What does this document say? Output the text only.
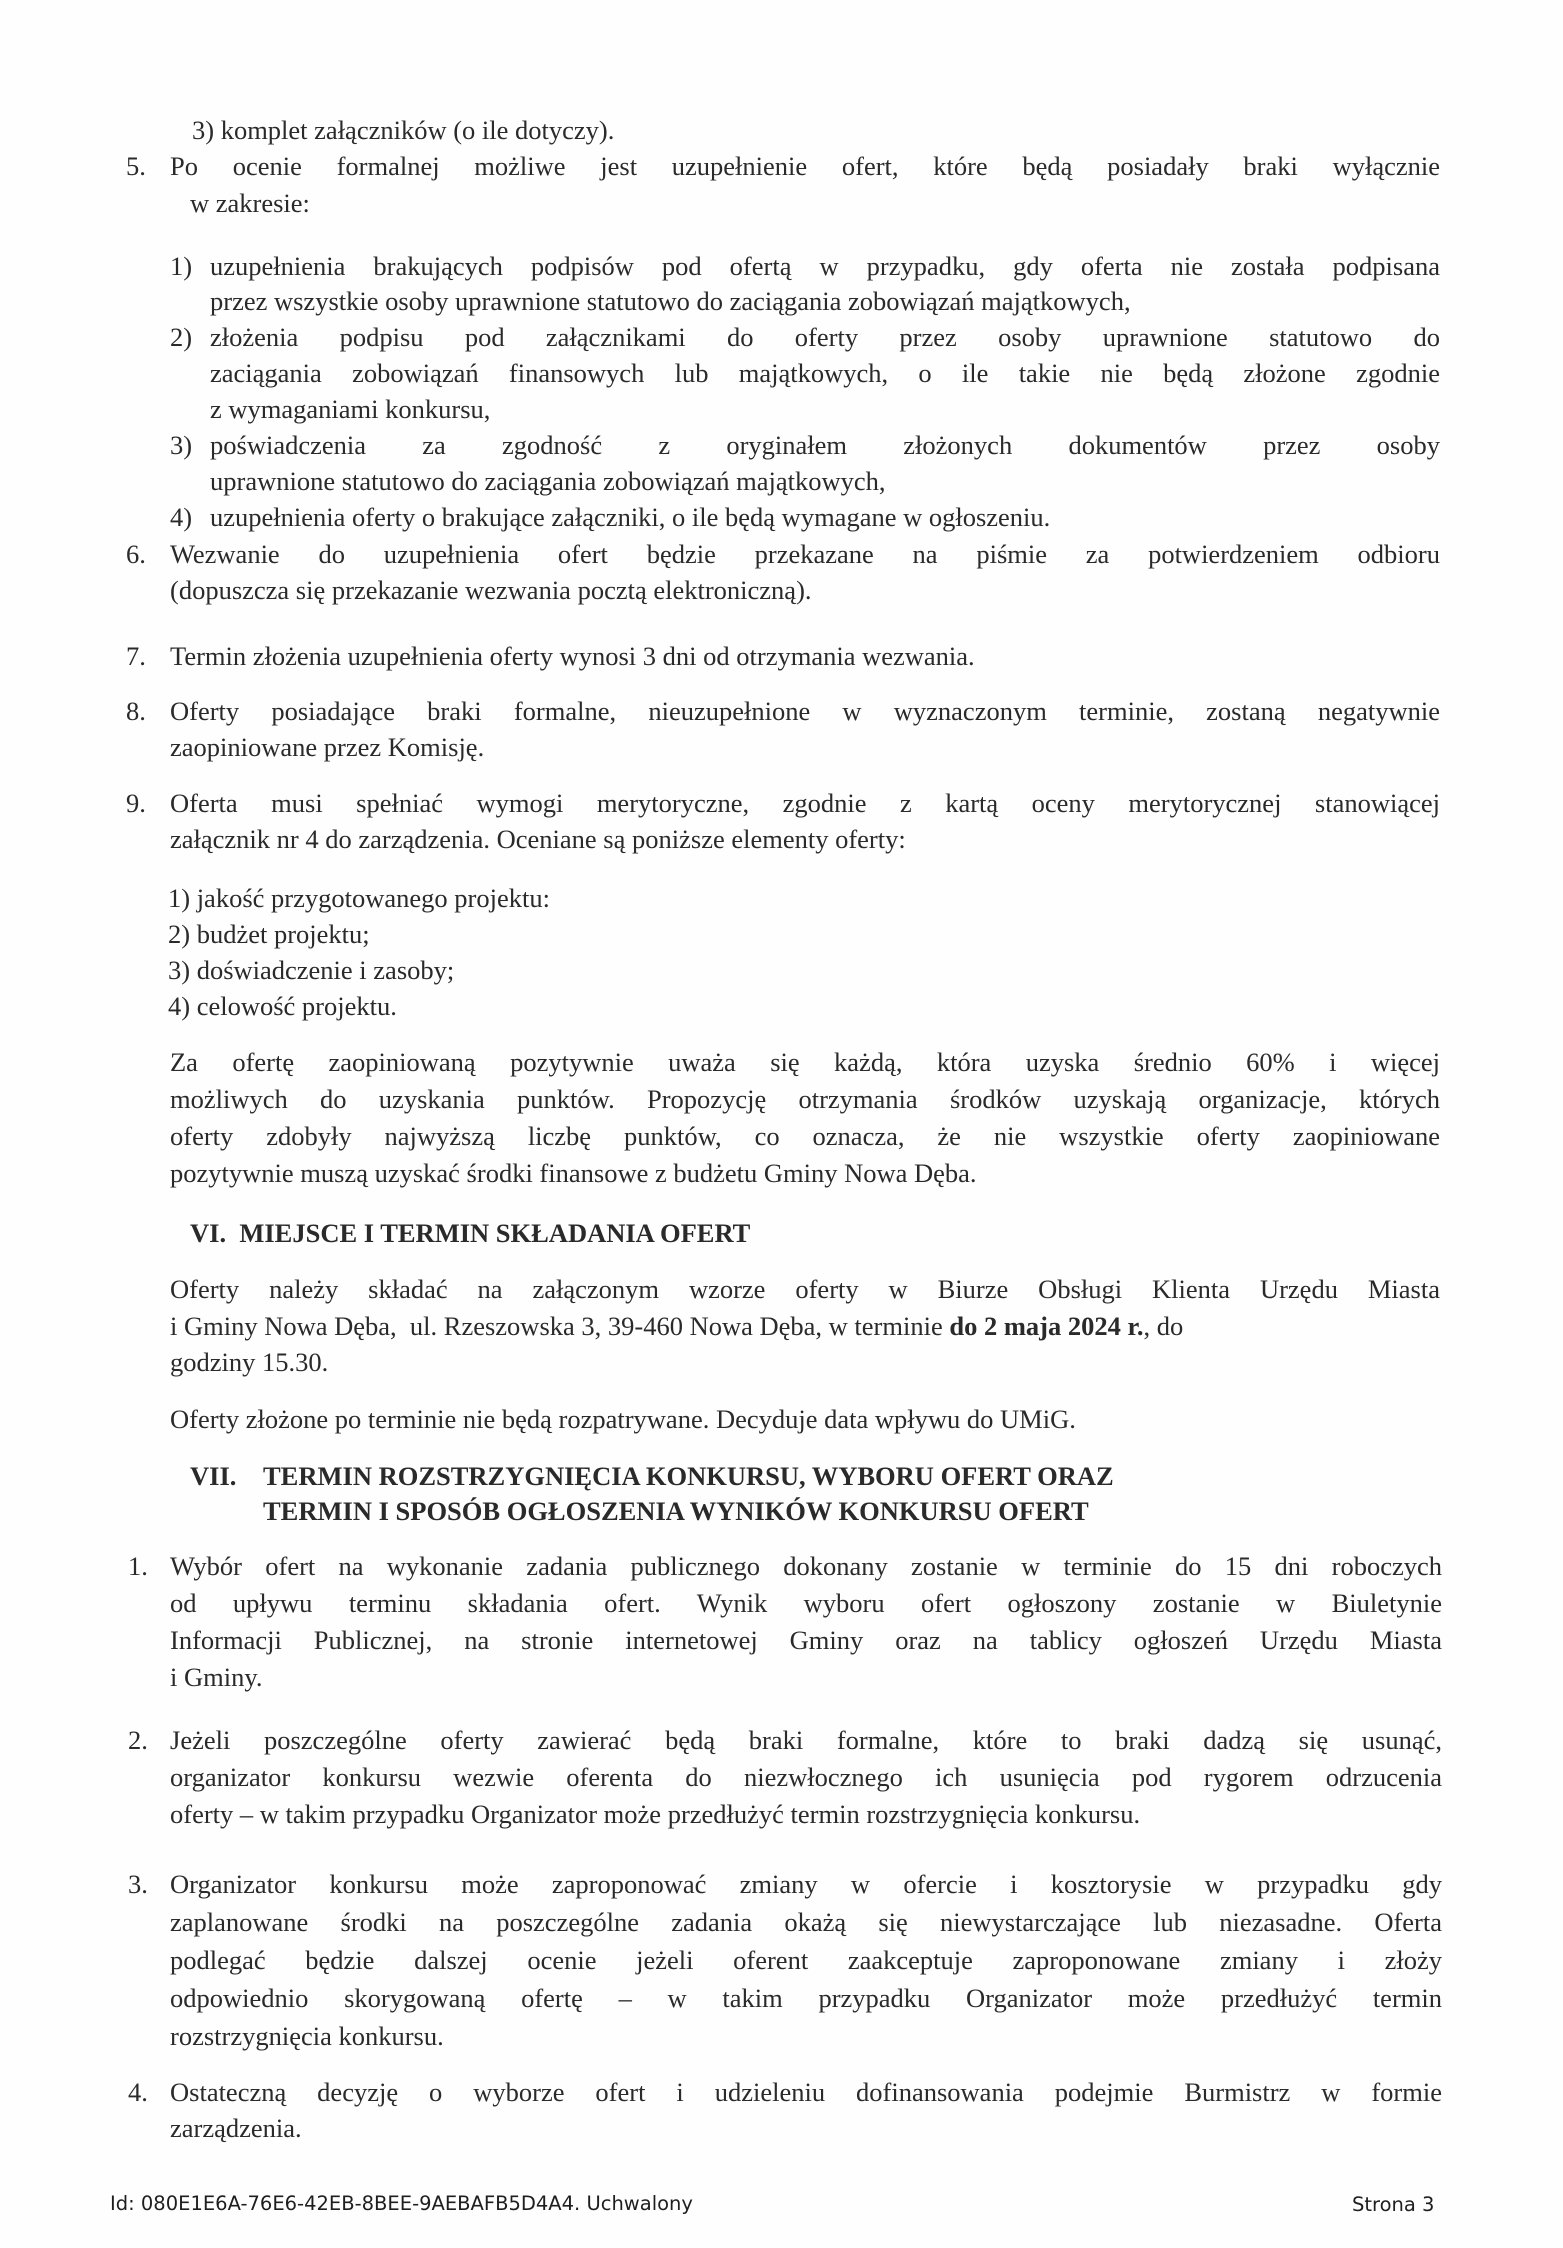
3) komplet załączników (o ile dotyczy).
5. Po ocenie formalnej możliwe jest uzupełnienie ofert, które będą posiadały braki wyłącznie
w zakresie:
1) uzupełnienia brakujących podpisów pod ofertą w przypadku, gdy oferta nie została podpisana
przez wszystkie osoby uprawnione statutowo do zaciągania zobowiązań majątkowych,
2) złożenia podpisu pod załącznikami do oferty przez osoby uprawnione statutowo do
zaciągania zobowiązań finansowych lub majątkowych, o ile takie nie będą złożone zgodnie
z wymaganiami konkursu,
3) poświadczenia za zgodność z oryginałem złożonych dokumentów przez osoby
uprawnione statutowo do zaciągania zobowiązań majątkowych,
4) uzupełnienia oferty o brakujące załączniki, o ile będą wymagane w ogłoszeniu.
6. Wezwanie do uzupełnienia ofert będzie przekazane na piśmie za potwierdzeniem odbioru
(dopuszcza się przekazanie wezwania pocztą elektroniczną).
7. Termin złożenia uzupełnienia oferty wynosi 3 dni od otrzymania wezwania.
8. Oferty posiadające braki formalne, nieuzupełnione w wyznaczonym terminie, zostaną negatywnie
zaopiniowane przez Komisję.
9. Oferta musi spełniać wymogi merytoryczne, zgodnie z kartą oceny merytorycznej stanowiącej
załącznik nr 4 do zarządzenia. Oceniane są poniższe elementy oferty:
1) jakość przygotowanego projektu:
2) budżet projektu;
3) doświadczenie i zasoby;
4) celowość projektu.
Za ofertę zaopiniowaną pozytywnie uważa się każdą, która uzyska średnio 60% i więcej
możliwych do uzyskania punktów. Propozycję otrzymania środków uzyskają organizacje, których
oferty zdobyły najwyższą liczbę punktów, co oznacza, że nie wszystkie oferty zaopiniowane
pozytywnie muszą uzyskać środki finansowe z budżetu Gminy Nowa Dęba.
VI.  MIEJSCE I TERMIN SKŁADANIA OFERT
Oferty należy składać na załączonym wzorze oferty w Biurze Obsługi Klienta Urzędu Miasta
i Gminy Nowa Dęba,  ul. Rzeszowska 3, 39-460 Nowa Dęba, w terminie do 2 maja 2024 r., do
godziny 15.30.
Oferty złożone po terminie nie będą rozpatrywane. Decyduje data wpływu do UMiG.
VII. TERMIN ROZSTRZYGNIĘCIA KONKURSU, WYBORU OFERT ORAZ
TERMIN I SPOSÓB OGŁOSZENIA WYNIKÓW KONKURSU OFERT
1. Wybór ofert na wykonanie zadania publicznego dokonany zostanie w terminie do 15 dni roboczych
od upływu terminu składania ofert. Wynik wyboru ofert ogłoszony zostanie w Biuletynie
Informacji Publicznej, na stronie internetowej Gminy oraz na tablicy ogłoszeń Urzędu Miasta
i Gminy.
2. Jeżeli poszczególne oferty zawierać będą braki formalne, które to braki dadzą się usunąć,
organizator konkursu wezwie oferenta do niezwłocznego ich usunięcia pod rygorem odrzucenia
oferty – w takim przypadku Organizator może przedłużyć termin rozstrzygnięcia konkursu.
3. Organizator konkursu może zaproponować zmiany w ofercie i kosztorysie w przypadku gdy
zaplanowane środki na poszczególne zadania okażą się niewystarczające lub niezasadne. Oferta
podlegać będzie dalszej ocenie jeżeli oferent zaakceptuje zaproponowane zmiany i złoży
odpowiednio skorygowaną ofertę – w takim przypadku Organizator może przedłużyć termin
rozstrzygnięcia konkursu.
4. Ostateczną decyzję o wyborze ofert i udzieleniu dofinansowania podejmie Burmistrz w formie
zarządzenia.
Id: 080E1E6A-76E6-42EB-8BEE-9AEBAFB5D4A4. Uchwalony	Strona 3
